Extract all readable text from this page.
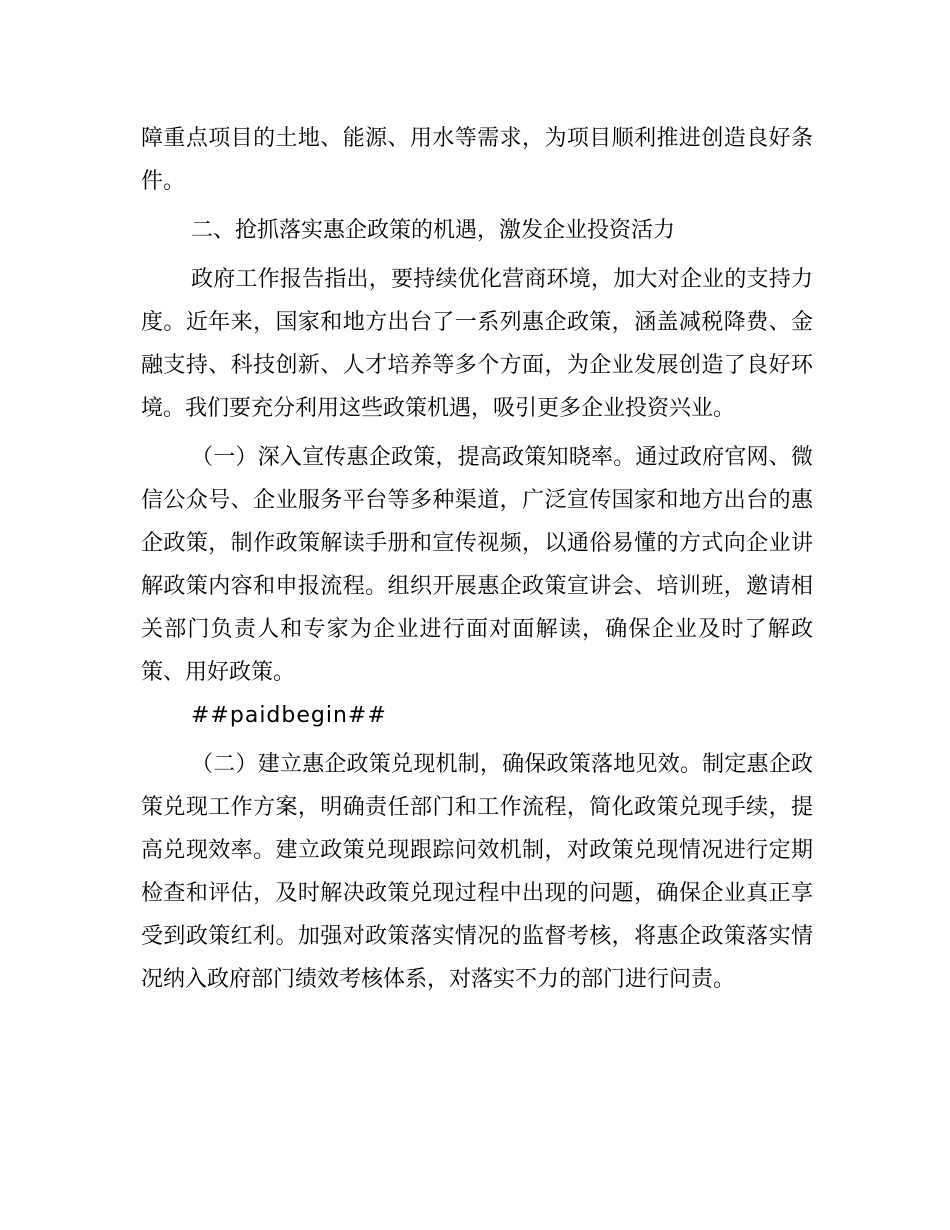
障重点项目的土地、能源、用水等需求，为项目顺利推进创造良好条件。

二、抢抓落实惠企政策的机遇，激发企业投资活力

政府工作报告指出，要持续优化营商环境，加大对企业的支持力度。近年来，国家和地方出台了一系列惠企政策，涵盖减税降费、金融支持、科技创新、人才培养等多个方面，为企业发展创造了良好环境。我们要充分利用这些政策机遇，吸引更多企业投资兴业。

（一）深入宣传惠企政策，提高政策知晓率。通过政府官网、微信公众号、企业服务平台等多种渠道，广泛宣传国家和地方出台的惠企政策，制作政策解读手册和宣传视频，以通俗易懂的方式向企业讲解政策内容和申报流程。组织开展惠企政策宣讲会、培训班，邀请相关部门负责人和专家为企业进行面对面解读，确保企业及时了解政策、用好政策。
##paidbegin##

（二）建立惠企政策兑现机制，确保政策落地见效。制定惠企政策兑现工作方案，明确责任部门和工作流程，简化政策兑现手续，提高兑现效率。建立政策兑现跟踪问效机制，对政策兑现情况进行定期检查和评估，及时解决政策兑现过程中出现的问题，确保企业真正享受到政策红利。加强对政策落实情况的监督考核，将惠企政策落实情况纳入政府部门绩效考核体系，对落实不力的部门进行问责。
